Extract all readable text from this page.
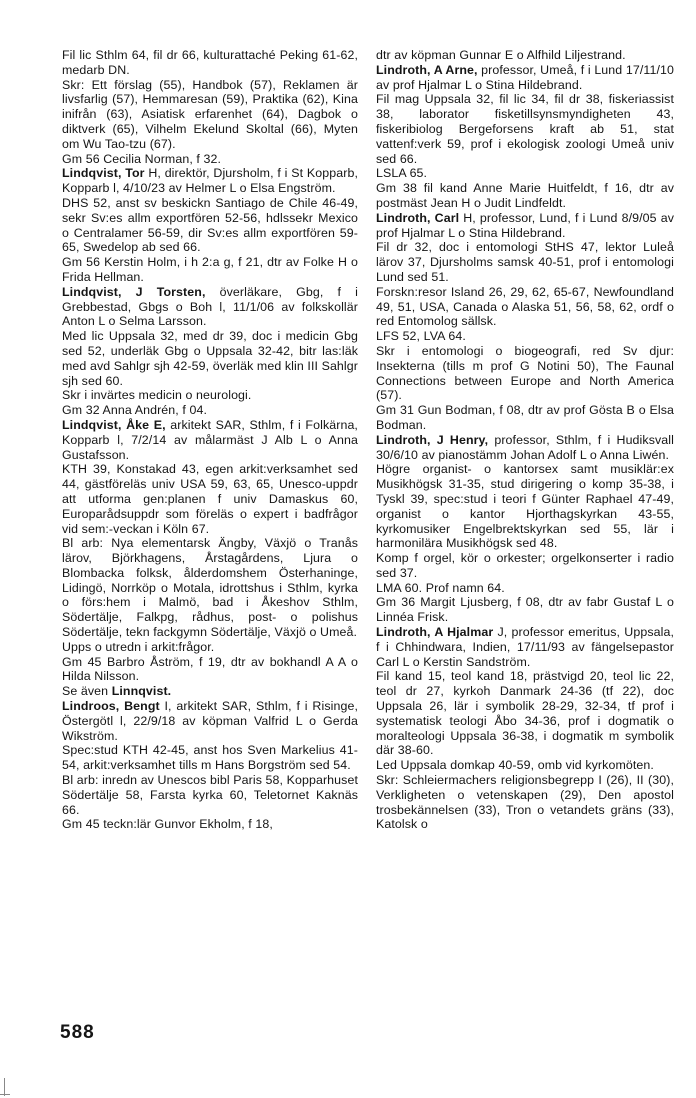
Fil lic Sthlm 64, fil dr 66, kulturattaché Peking 61-62, medarb DN.

Skr: Ett förslag (55), Handbok (57), Reklamen är livsfarlig (57), Hemmaresan (59), Praktika (62), Kina inifrån (63), Asiatisk erfarenhet (64), Dagbok o diktverk (65), Vilhelm Ekelund Skoltal (66), Myten om Wu Tao-tzu (67).

Gm 56 Cecilia Norman, f 32.

Lindqvist, Tor H, direktör, Djursholm, f i St Kopparb, Kopparb l, 4/10/23 av Helmer L o Elsa Engström.

DHS 52, anst sv beskickn Santiago de Chile 46-49, sekr Sv:es allm exportfören 52-56, hdlssekr Mexico o Centralamer 56-59, dir Sv:es allm exportfören 59-65, Swedelop ab sed 66.

Gm 56 Kerstin Holm, i h 2:a g, f 21, dtr av Folke H o Frida Hellman.

Lindqvist, J Torsten, överläkare, Gbg, f i Grebbestad, Gbgs o Boh l, 11/1/06 av folkskollär Anton L o Selma Larsson.

Med lic Uppsala 32, med dr 39, doc i medicin Gbg sed 52, underläk Gbg o Uppsala 32-42, bitr las:läk med avd Sahlgr sjh 42-59, överläk med klin III Sahlgr sjh sed 60.

Skr i invärtes medicin o neurologi.

Gm 32 Anna Andrén, f 04.

Lindqvist, Åke E, arkitekt SAR, Sthlm, f i Folkärna, Kopparb l, 7/2/14 av målarmäst J Alb L o Anna Gustafsson.

KTH 39, Konstakad 43, egen arkit:verksamhet sed 44, gästföreläs univ USA 59, 63, 65, Unesco-uppdr att utforma gen:planen f univ Damaskus 60, Europarådsuppdr som föreläs o expert i badfrågor vid sem:-veckan i Köln 67.

Bl arb: Nya elementarsk Ängby, Växjö o Tranås lärov, Björkhagens, Årstagårdens, Ljura o Blombacka folksk, ålderdomshem Österhaninge, Lidingö, Norrköp o Motala, idrottshus i Sthlm, kyrka o förs:hem i Malmö, bad i Åkeshov Sthlm, Södertälje, Falkpg, rådhus, post- o polishus Södertälje, tekn fackgymn Södertälje, Växjö o Umeå.

Upps o utredn i arkit:frågor.

Gm 45 Barbro Åström, f 19, dtr av bokhandl A A o Hilda Nilsson.

Se även Linnqvist.

Lindroos, Bengt I, arkitekt SAR, Sthlm, f i Risinge, Östergötl l, 22/9/18 av köpman Valfrid L o Gerda Wikström.

Spec:stud KTH 42-45, anst hos Sven Markelius 41-54, arkit:verksamhet tills m Hans Borgström sed 54.

Bl arb: inredn av Unescos bibl Paris 58, Kopparhuset Södertälje 58, Farsta kyrka 60, Teletornet Kaknäs 66.

Gm 45 teckn:lär Gunvor Ekholm, f 18,

dtr av köpman Gunnar E o Alfhild Liljestrand.

Lindroth, A Arne, professor, Umeå, f i Lund 17/11/10 av prof Hjalmar L o Stina Hildebrand.

Fil mag Uppsala 32, fil lic 34, fil dr 38, fiskeriassist 38, laborator fisketillsynsmyndigheten 43, fiskeribiolog Bergeforsens kraft ab 51, stat vattenf:verk 59, prof i ekologisk zoologi Umeå univ sed 66.

LSLA 65.

Gm 38 fil kand Anne Marie Huitfeldt, f 16, dtr av postmäst Jean H o Judit Lindfeldt.

Lindroth, Carl H, professor, Lund, f i Lund 8/9/05 av prof Hjalmar L o Stina Hildebrand.

Fil dr 32, doc i entomologi StHS 47, lektor Luleå lärov 37, Djursholms samsk 40-51, prof i entomologi Lund sed 51.

Forskn:resor Island 26, 29, 62, 65-67, Newfoundland 49, 51, USA, Canada o Alaska 51, 56, 58, 62, ordf o red Entomolog sällsk.

LFS 52, LVA 64.

Skr i entomologi o biogeografi, red Sv djur: Insekterna (tills m prof G Notini 50), The Faunal Connections between Europe and North America (57).

Gm 31 Gun Bodman, f 08, dtr av prof Gösta B o Elsa Bodman.

Lindroth, J Henry, professor, Sthlm, f i Hudiksvall 30/6/10 av pianostämm Johan Adolf L o Anna Liwén.

Högre organist- o kantorsex samt musiklär:ex Musikhögsk 31-35, stud dirigering o komp 35-38, i Tyskl 39, spec:stud i teori f Günter Raphael 47-49, organist o kantor Hjorthagskyrkan 43-55, kyrkomusiker Engelbrektskyrkan sed 55, lär i harmonilära Musikhögsk sed 48.

Komp f orgel, kör o orkester; orgelkonserter i radio sed 37.

LMA 60. Prof namn 64.

Gm 36 Margit Ljusberg, f 08, dtr av fabr Gustaf L o Linnéa Frisk.

Lindroth, A Hjalmar J, professor emeritus, Uppsala, f i Chhindwara, Indien, 17/11/93 av fängelsepastor Carl L o Kerstin Sandström.

Fil kand 15, teol kand 18, prästvigd 20, teol lic 22, teol dr 27, kyrkoh Danmark 24-36 (tf 22), doc Uppsala 26, lär i symbolik 28-29, 32-34, tf prof i systematisk teologi Åbo 34-36, prof i dogmatik o moralteologi Uppsala 36-38, i dogmatik m symbolik där 38-60.

Led Uppsala domkap 40-59, omb vid kyrkomöten.

Skr: Schleiermachers religionsbegrepp I (26), II (30), Verkligheten o vetenskapen (29), Den apostol trosbekännelsen (33), Tron o vetandets gräns (33), Katolsk o

588
